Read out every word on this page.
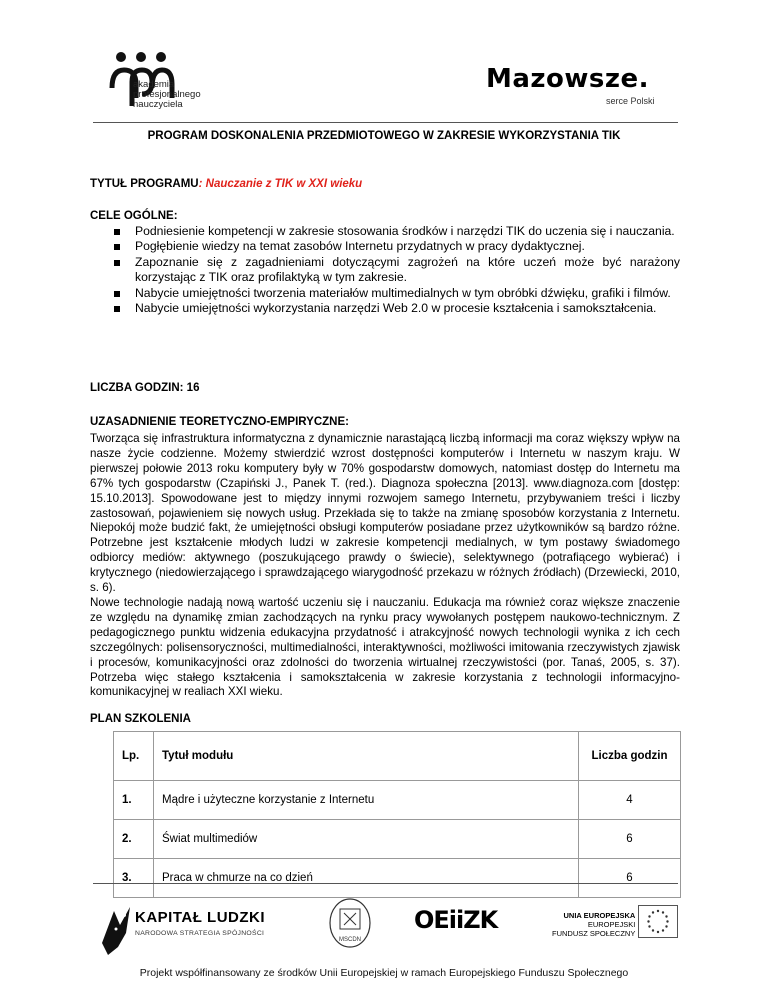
akademia
profesjonalnego
nauczyciela
Mazowsze.
serce Polski
PROGRAM DOSKONALENIA PRZEDMIOTOWEGO W ZAKRESIE WYKORZYSTANIA TIK
TYTUŁ PROGRAMU: Nauczanie z TIK w XXI wieku
CELE OGÓLNE:
Podniesienie kompetencji w zakresie stosowania środków i narzędzi TIK do uczenia się i nauczania.
Pogłębienie wiedzy na temat zasobów Internetu przydatnych w pracy dydaktycznej.
Zapoznanie się z zagadnieniami dotyczącymi zagrożeń na które uczeń może być narażony korzystając z TIK oraz profilaktyką w tym zakresie.
Nabycie umiejętności tworzenia materiałów multimedialnych w tym obróbki dźwięku, grafiki i filmów.
Nabycie umiejętności wykorzystania narzędzi Web 2.0 w procesie kształcenia i samokształcenia.
LICZBA GODZIN: 16
UZASADNIENIE TEORETYCZNO-EMPIRYCZNE:

Tworząca się infrastruktura informatyczna z dynamicznie narastającą liczbą informacji ma coraz większy wpływ na nasze życie codzienne. Możemy stwierdzić wzrost dostępności komputerów i Internetu w naszym kraju. W pierwszej połowie 2013 roku komputery były w 70% gospodarstw domowych, natomiast dostęp do Internetu ma 67% tych gospodarstw (Czapiński J., Panek T. (red.). Diagnoza społeczna [2013]. www.diagnoza.com [dostęp: 15.10.2013]. Spowodowane jest to między innymi rozwojem samego Internetu, przybywaniem treści i liczby zastosowań, pojawieniem się nowych usług. Przekłada się to także na zmianę sposobów korzystania z Internetu. Niepokój może budzić fakt, że umiejętności obsługi komputerów posiadane przez użytkowników są bardzo różne. Potrzebne jest kształcenie młodych ludzi w zakresie kompetencji medialnych, w tym postawy świadomego odbiorcy mediów: aktywnego (poszukującego prawdy o świecie), selektywnego (potrafiącego wybierać) i krytycznego (niedowierzającego i sprawdzającego wiarygodność przekazu w różnych źródłach) (Drzewiecki, 2010, s. 6).

Nowe technologie nadają nową wartość uczeniu się i nauczaniu. Edukacja ma również coraz większe znaczenie ze względu na dynamikę zmian zachodzących na rynku pracy wywołanych postępem naukowo-technicznym. Z pedagogicznego punktu widzenia edukacyjna przydatność i atrakcyjność nowych technologii wynika z ich cech szczególnych: polisensoryczności, multimedialności, interaktywności, możliwości imitowania rzeczywistych zjawisk i procesów, komunikacyjności oraz zdolności do tworzenia wirtualnej rzeczywistości (por. Tanaś, 2005, s. 37). Potrzeba więc stałego kształcenia i samokształcenia w zakresie korzystania z technologii informacyjno-komunikacyjnej w realiach XXI wieku.

PLAN SZKOLENIA
Lp.	Tytuł modułu	Liczba godzin
1.	Mądre i użyteczne korzystanie z Internetu	4
2.	Świat multimediów	6
3.	Praca w chmurze na co dzień	6
KAPITAŁ LUDZKI
NARODOWA STRATEGIA SPÓJNOŚCI
MSCDN
OEiiZK	UNIA EUROPEJSKA
EUROPEJSKI
FUNDUSZ SPOŁECZNY
Projekt współfinansowany ze środków Unii Europejskiej w ramach Europejskiego Funduszu Społecznego
